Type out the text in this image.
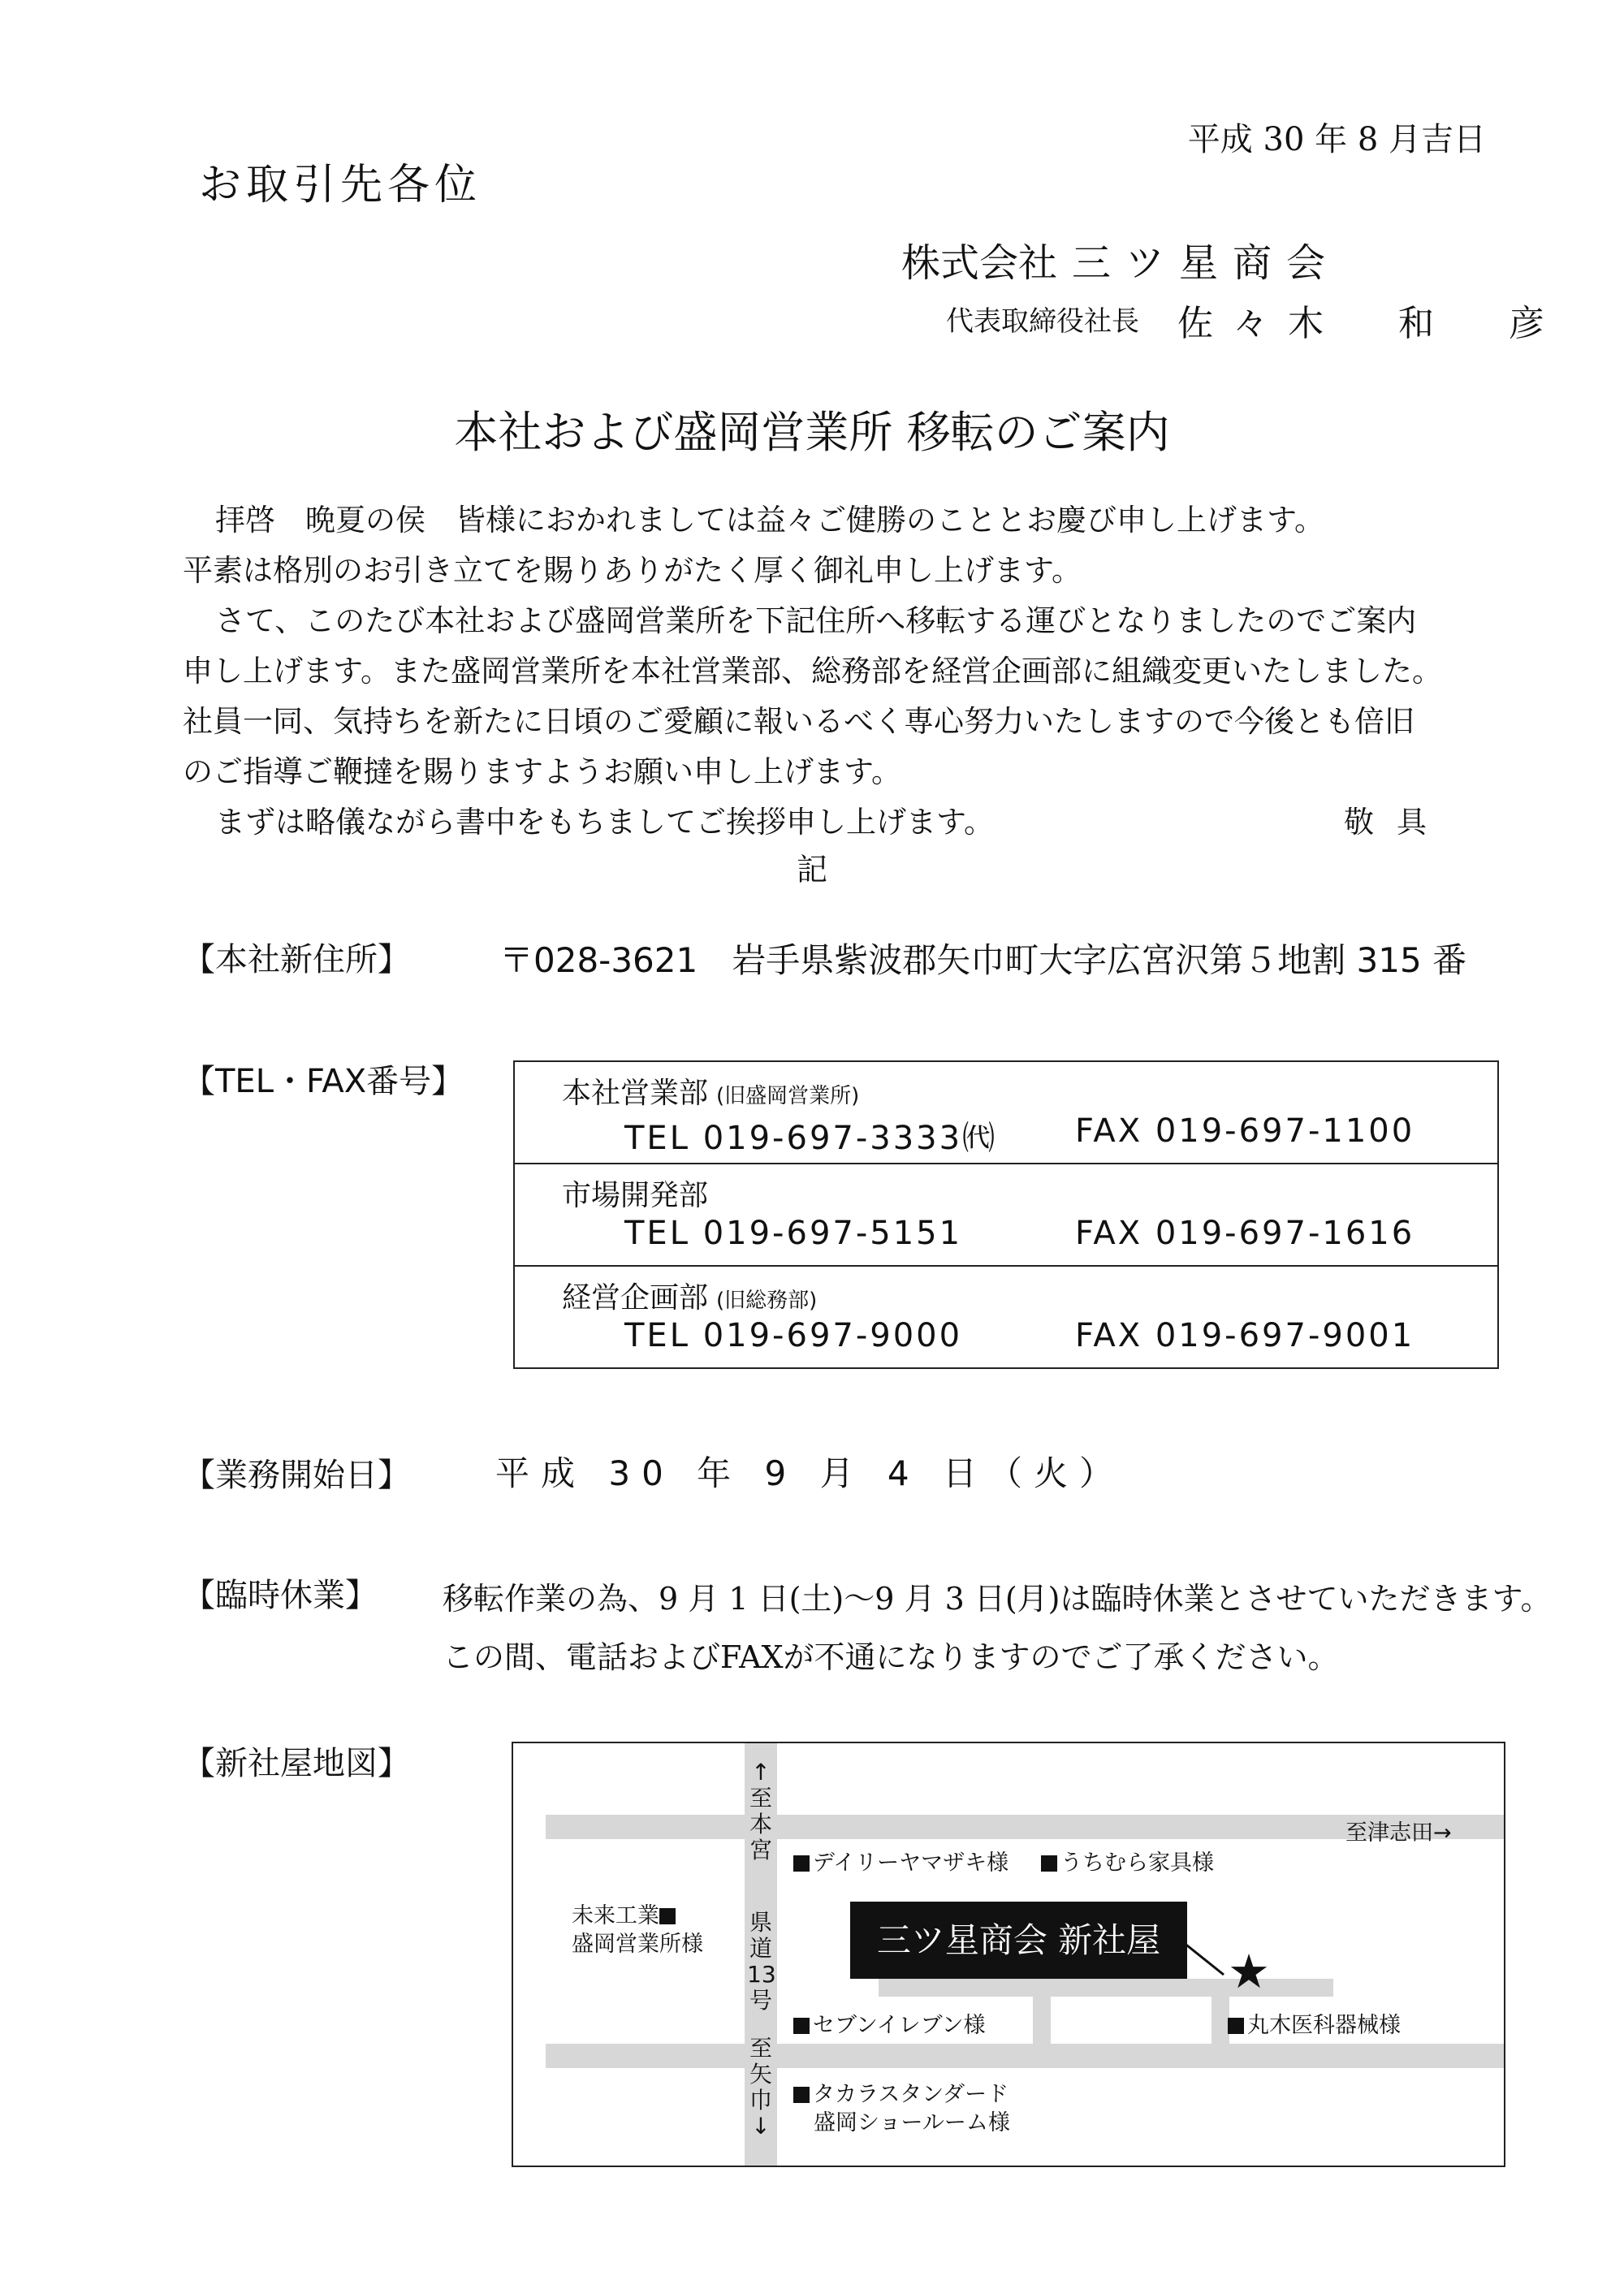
平成 30 年 8 月吉日
お取引先各位
株式会社 三ツ星商会
代表取締役社長 佐々木　和　彦
本社および盛岡営業所 移転のご案内

拝啓　晩夏の侯　皆様におかれましては益々ご健勝のこととお慶び申し上げます。

平素は格別のお引き立てを賜りありがたく厚く御礼申し上げます。

さて、このたび本社および盛岡営業所を下記住所へ移転する運びとなりましたのでご案内

申し上げます。また盛岡営業所を本社営業部、総務部を経営企画部に組織変更いたしました。

社員一同、気持ちを新たに日頃のご愛顧に報いるべく専心努力いたしますので今後とも倍旧

のご指導ご鞭撻を賜りますようお願い申し上げます。

まずは略儀ながら書中をもちましてご挨拶申し上げます。	敬具

記
【本社新住所】	〒028-3621　岩手県紫波郡矢巾町大字広宮沢第５地割 315 番
【TEL・FAX番号】	本社営業部 (旧盛岡営業所)
TEL 019-697-3333㈹ FAX 019-697-1100
市場開発部
TEL 019-697-5151	FAX 019-697-1616
経営企画部 (旧総務部)
TEL 019-697-9000	FAX 019-697-9001
【業務開始日】	平成 30 年 9 月 4 日（火）
【臨時休業】 移転作業の為、9 月 1 日(土)～9 月 3 日(月)は臨時休業とさせていただきます。

この間、電話およびFAXが不通になりますのでご了承ください。

【新社屋地図】	↑
至
本
宮
県
道
13
号
至
矢
巾
↓
至津志田→
デイリーヤマザキ様	うちむら家具様
未来工業
盛岡営業所様	三ツ星商会 新社屋
★
セブンイレブン様	丸木医科器械様
タカラスタンダード
盛岡ショールーム様
